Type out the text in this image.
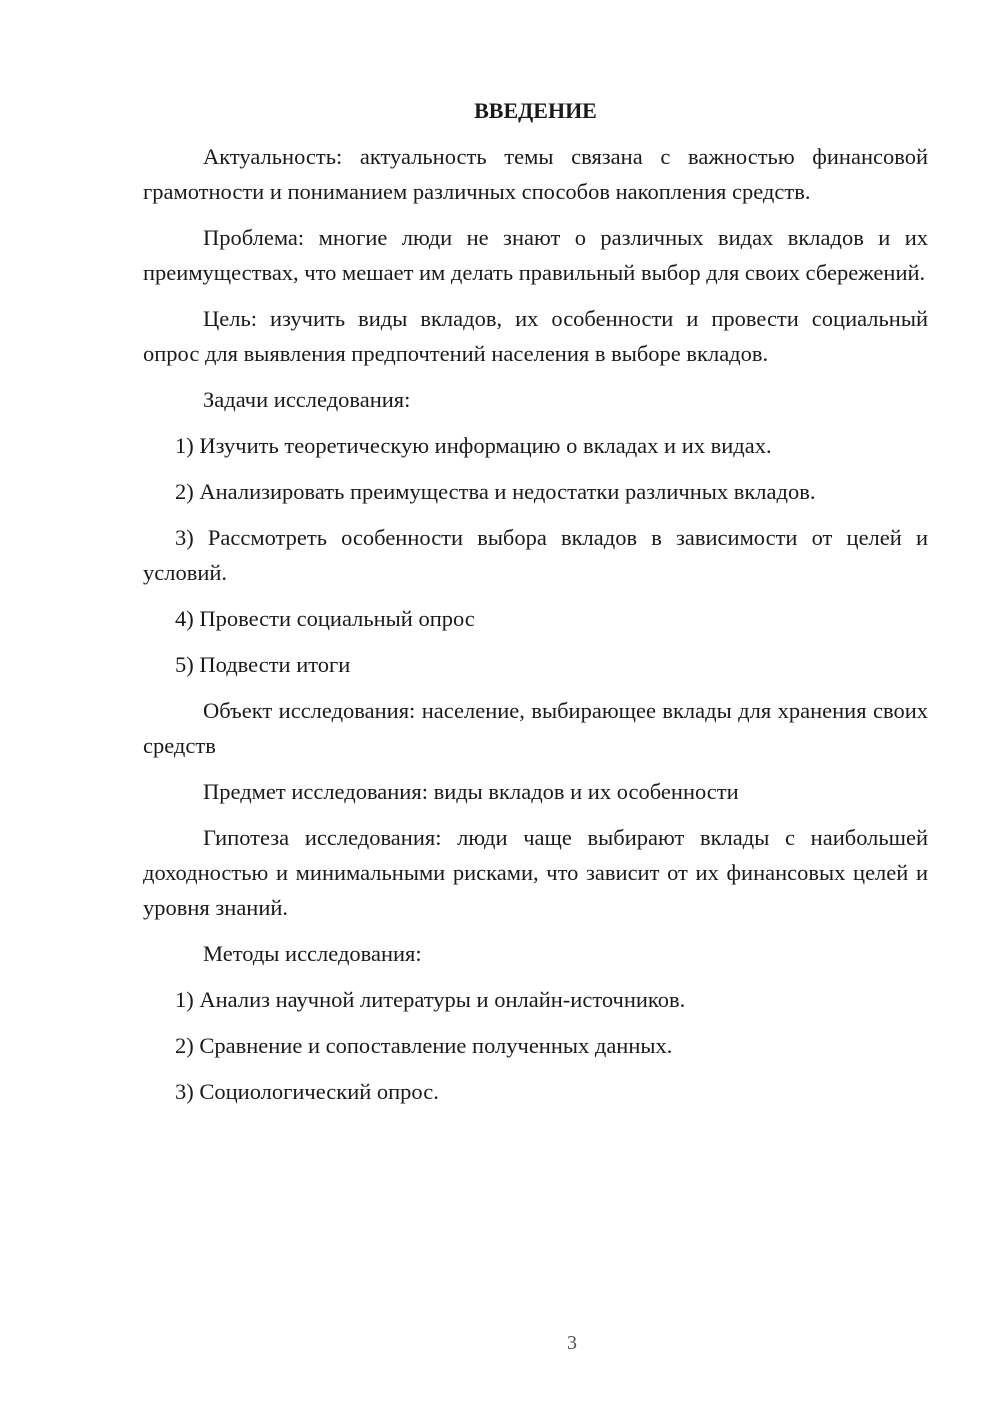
ВВЕДЕНИЕ

Актуальность: актуальность темы связана с важностью финансовой грамотности и пониманием различных способов накопления средств.

Проблема: многие люди не знают о различных видах вкладов и их преимуществах, что мешает им делать правильный выбор для своих сбережений.

Цель: изучить виды вкладов, их особенности и провести социальный опрос для выявления предпочтений населения в выборе вкладов.

Задачи исследования:

1) Изучить теоретическую информацию о вкладах и их видах.

2) Анализировать преимущества и недостатки различных вкладов.

3) Рассмотреть особенности выбора вкладов в зависимости от целей и условий.

4) Провести социальный опрос

5) Подвести итоги

Объект исследования: население, выбирающее вклады для хранения своих средств

Предмет исследования: виды вкладов и их особенности

Гипотеза исследования: люди чаще выбирают вклады с наибольшей доходностью и минимальными рисками, что зависит от их финансовых целей и уровня знаний.

Методы исследования:

1) Анализ научной литературы и онлайн-источников.

2) Сравнение и сопоставление полученных данных.

3) Социологический опрос.

3
